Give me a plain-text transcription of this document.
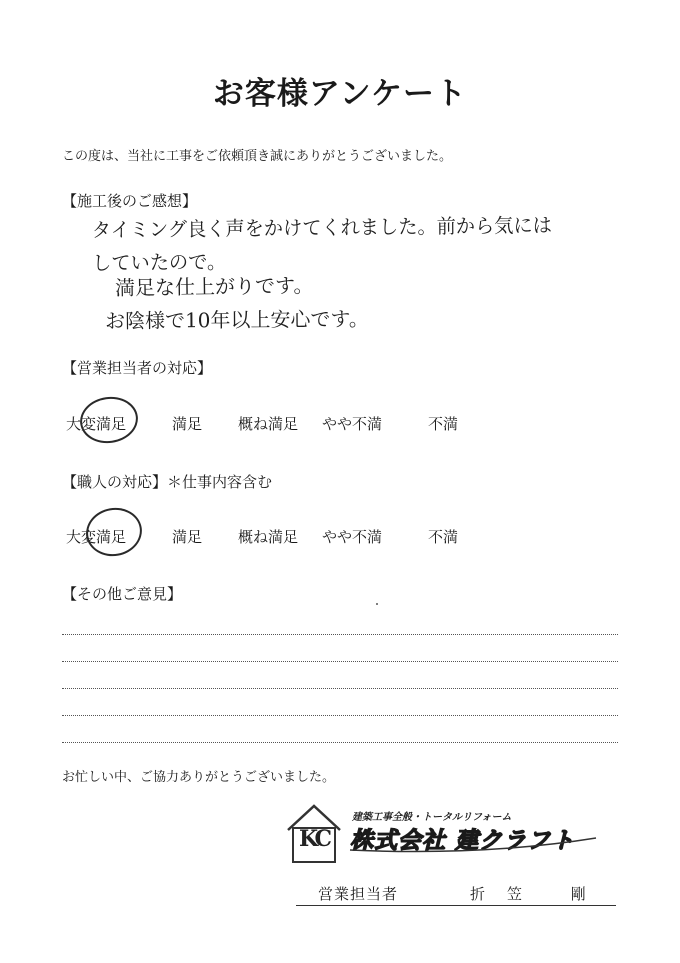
お客様アンケート
この度は、当社に工事をご依頼頂き誠にありがとうございました。
【施工後のご感想】
タイミング良く声をかけてくれました。前から気にはしていたので。
満足な仕上がりです。
お陰様で10年以上安心です。
【営業担当者の対応】
大変満足	満足 概ね満足 やや不満	不満
【職人の対応】＊仕事内容含む
大変満足	満足 概ね満足 やや不満	不満
【その他ご意見】
お忙しい中、ご協力ありがとうございました。
KC
建築工事全般・トータルリフォーム
株式会社 建クラフト
営業担当者	折笠 剛
